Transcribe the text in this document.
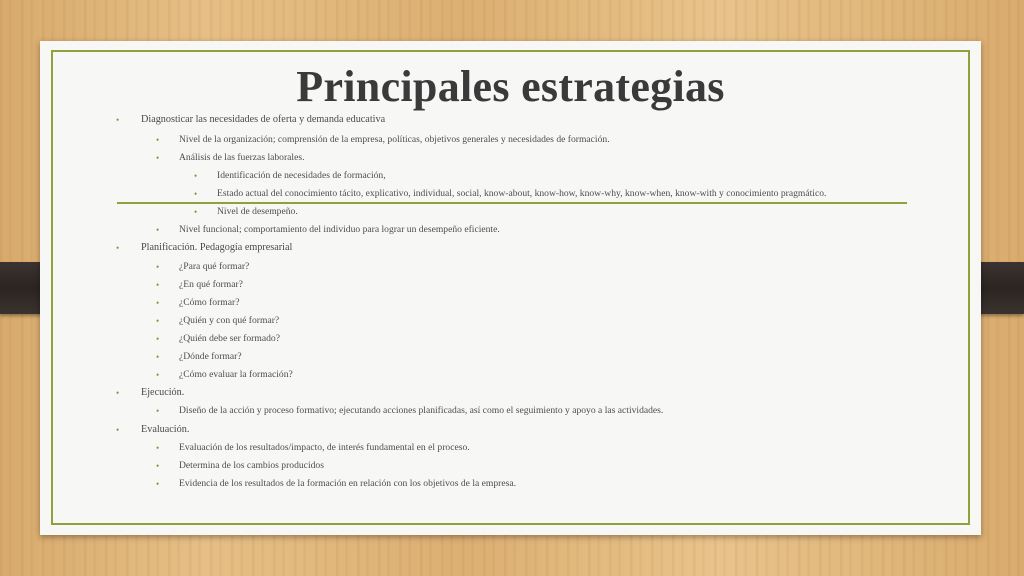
Principales estrategias
• Diagnosticar las necesidades de oferta y demanda educativa
• Nivel de la organización; comprensión de la empresa, políticas, objetivos generales y necesidades de formación.
• Análisis de las fuerzas laborales.
• Identificación de necesidades de formación,
• Estado actual del conocimiento tácito, explicativo, individual, social, know-about, know-how, know-why, know-when, know-with y conocimiento pragmático.
• Nivel de desempeño.
• Nivel funcional; comportamiento del individuo para lograr un desempeño eficiente.
• Planificación. Pedagogía empresarial
• ¿Para qué formar?
• ¿En qué formar?
• ¿Cómo formar?
• ¿Quién y con qué formar?
• ¿Quién debe ser formado?
• ¿Dónde formar?
• ¿Cómo evaluar la formación?
• Ejecución.
• Diseño de la acción y proceso formativo; ejecutando acciones planificadas, así como el seguimiento y apoyo a las actividades.
• Evaluación.
• Evaluación de los resultados/impacto, de interés fundamental en el proceso.
• Determina de los cambios producidos
• Evidencia de los resultados de la formación en relación con los objetivos de la empresa.
